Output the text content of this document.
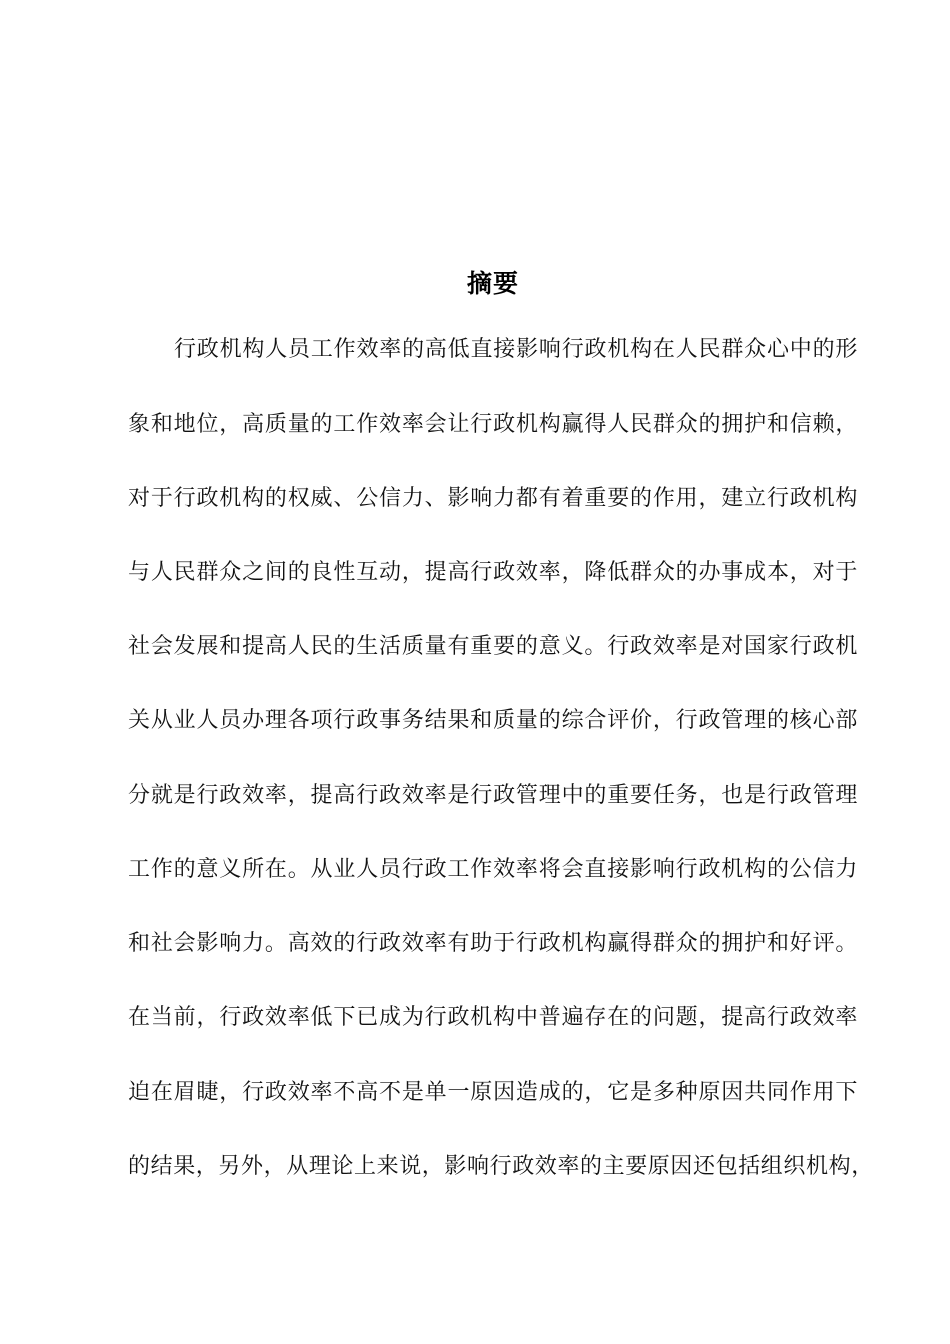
摘要
行政机构人员工作效率的高低直接影响行政机构在人民群众心中的形
象和地位，高质量的工作效率会让行政机构赢得人民群众的拥护和信赖，
对于行政机构的权威、公信力、影响力都有着重要的作用，建立行政机构
与人民群众之间的良性互动，提高行政效率，降低群众的办事成本，对于
社会发展和提高人民的生活质量有重要的意义。行政效率是对国家行政机
关从业人员办理各项行政事务结果和质量的综合评价，行政管理的核心部
分就是行政效率，提高行政效率是行政管理中的重要任务，也是行政管理
工作的意义所在。从业人员行政工作效率将会直接影响行政机构的公信力
和社会影响力。高效的行政效率有助于行政机构赢得群众的拥护和好评。
在当前，行政效率低下已成为行政机构中普遍存在的问题，提高行政效率
迫在眉睫，行政效率不高不是单一原因造成的，它是多种原因共同作用下
的结果，另外，从理论上来说，影响行政效率的主要原因还包括组织机构，
